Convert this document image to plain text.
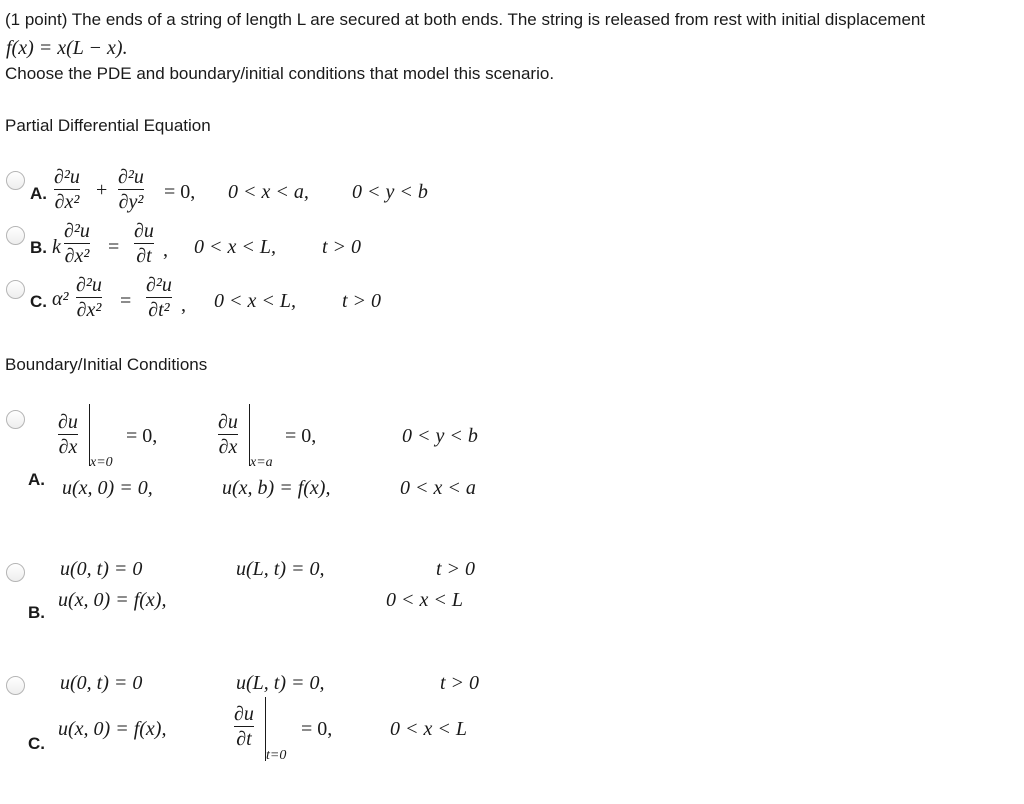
(1 point) The ends of a string of length L are secured at both ends. The string is released from rest with initial displacement
f(x) = x(L − x).
Choose the PDE and boundary/initial conditions that model this scenario.
Partial Differential Equation
A.
∂²u
∂x²
+
∂²u
∂y² = 0, 0 < x < a, 0 < y < b
B. k
∂²u
∂x² =
∂u
∂t , 0 < x < L, t > 0
C. α²
∂²u
∂x² =
∂²u
∂t² , 0 < x < L, t > 0
Boundary/Initial Conditions
A.
∂u
∂x
x=0
= 0,
∂u
∂x
x=a
= 0,	0 < y < b
u(x, 0) = 0,	u(x, b) = f(x),	0 < x < a
B.
u(0, t) = 0	u(L, t) = 0,	t > 0
u(x, 0) = f(x),	0 < x < L
C.
u(0, t) = 0	u(L, t) = 0,	t > 0
u(x, 0) = f(x),
∂u
∂t
t=0
= 0,	0 < x < L
